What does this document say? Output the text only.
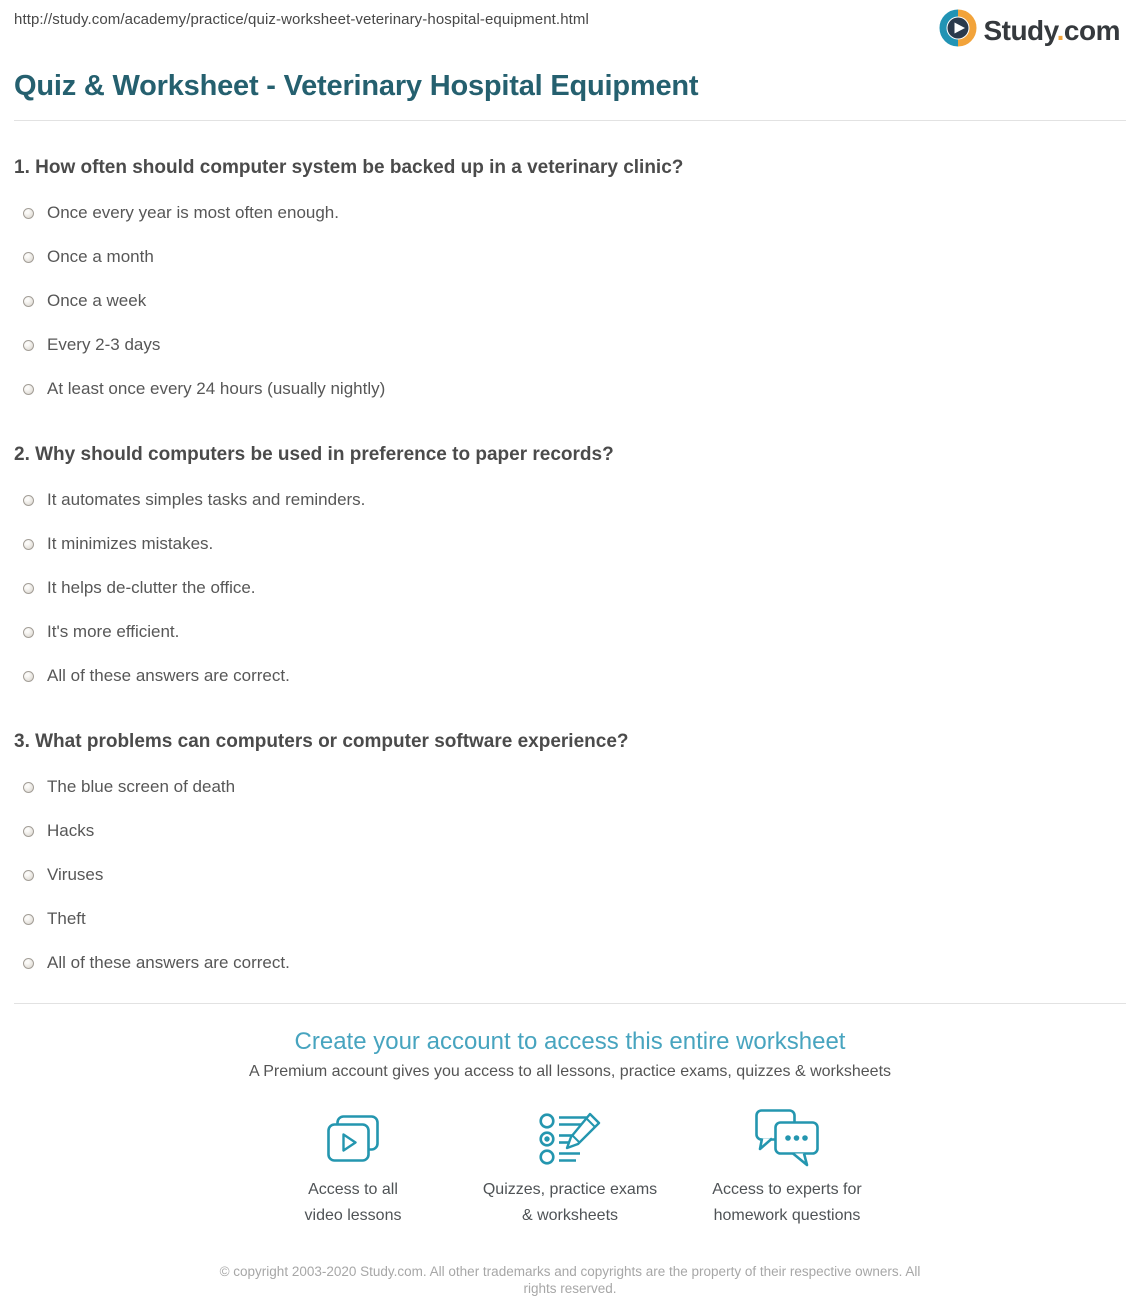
http://study.com/academy/practice/quiz-worksheet-veterinary-hospital-equipment.html	Study.com
Quiz & Worksheet - Veterinary Hospital Equipment
1. How often should computer system be backed up in a veterinary clinic?
Once every year is most often enough.
Once a month
Once a week
Every 2-3 days
At least once every 24 hours (usually nightly)
2. Why should computers be used in preference to paper records?
It automates simples tasks and reminders.
It minimizes mistakes.
It helps de-clutter the office.
It's more efficient.
All of these answers are correct.
3. What problems can computers or computer software experience?
The blue screen of death
Hacks
Viruses
Theft
All of these answers are correct.
Create your account to access this entire worksheet
A Premium account gives you access to all lessons, practice exams, quizzes & worksheets
Access to all
video lessons
Quizzes, practice exams
& worksheets
Access to experts for
homework questions
© copyright 2003-2020 Study.com. All other trademarks and copyrights are the property of their respective owners. All rights reserved.
